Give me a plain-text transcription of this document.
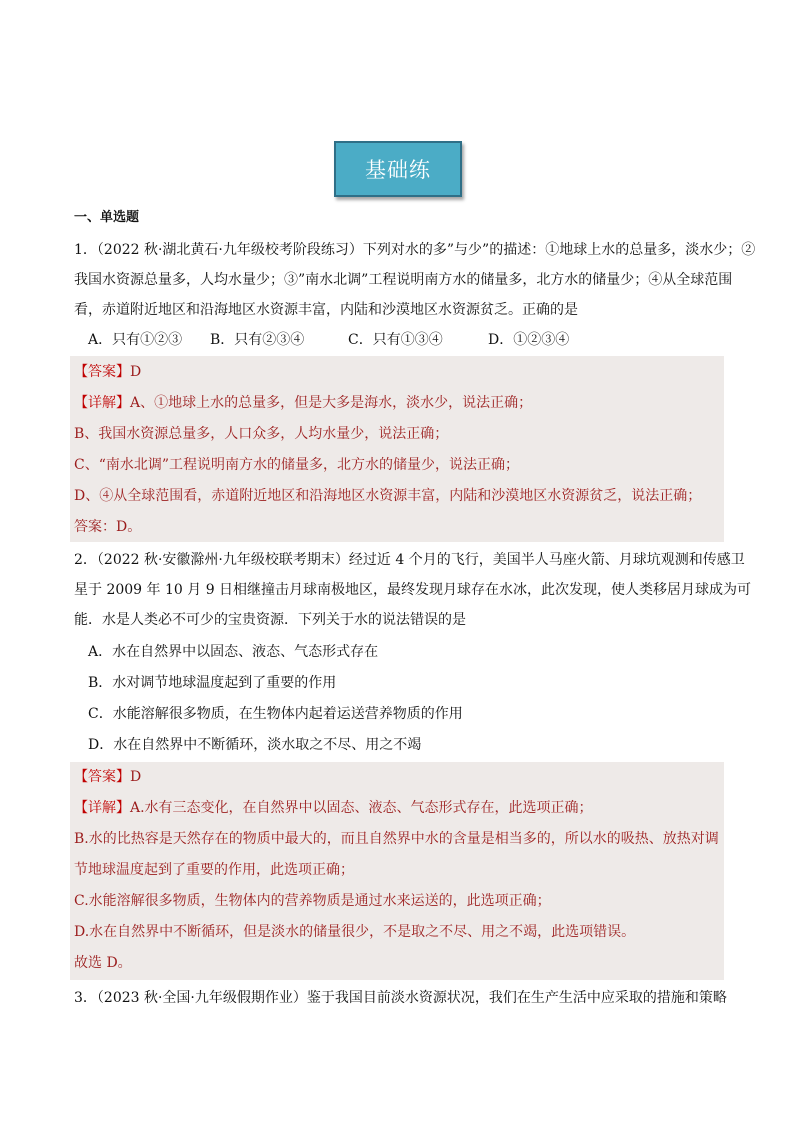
基础练
一、单选题
1．（2022 秋·湖北黄石·九年级校考阶段练习）下列对水的多”与少”的描述：①地球上水的总量多，淡水少；②
我国水资源总量多，人均水量少；③”南水北调”工程说明南方水的储量多，北方水的储量少；④从全球范围
看，赤道附近地区和沿海地区水资源丰富，内陆和沙漠地区水资源贫乏。正确的是
A．只有①②③ B．只有②③④	C．只有①③④	D．①②③④
【答案】D
【详解】A、①地球上水的总量多，但是大多是海水，淡水少，说法正确；
B、我国水资源总量多，人口众多，人均水量少，说法正确；
C、“南水北调”工程说明南方水的储量多，北方水的储量少，说法正确；
D、④从全球范围看，赤道附近地区和沿海地区水资源丰富，内陆和沙漠地区水资源贫乏，说法正确；
答案：D。
2．（2022 秋·安徽滁州·九年级校联考期末）经过近 4 个月的飞行，美国半人马座火箭、月球坑观测和传感卫
星于 2009 年 10 月 9 日相继撞击月球南极地区，最终发现月球存在水冰，此次发现，使人类移居月球成为可
能．水是人类必不可少的宝贵资源．下列关于水的说法错误的是
A．水在自然界中以固态、液态、气态形式存在
B．水对调节地球温度起到了重要的作用
C．水能溶解很多物质，在生物体内起着运送营养物质的作用
D．水在自然界中不断循环，淡水取之不尽、用之不竭
【答案】D
【详解】A.水有三态变化，在自然界中以固态、液态、气态形式存在，此选项正确；
B.水的比热容是天然存在的物质中最大的，而且自然界中水的含量是相当多的，所以水的吸热、放热对调
节地球温度起到了重要的作用，此选项正确；
C.水能溶解很多物质，生物体内的营养物质是通过水来运送的，此选项正确；
D.水在自然界中不断循环，但是淡水的储量很少，不是取之不尽、用之不竭，此选项错误。
故选 D。
3．（2023 秋·全国·九年级假期作业）鉴于我国目前淡水资源状况，我们在生产生活中应采取的措施和策略
